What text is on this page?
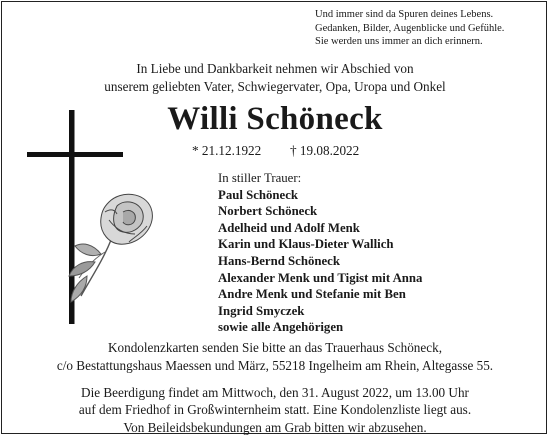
Und immer sind da Spuren deines Lebens.
Gedanken, Bilder, Augenblicke und Gefühle.
Sie werden uns immer an dich erinnern.
In Liebe und Dankbarkeit nehmen wir Abschied von
unserem geliebten Vater, Schwiegervater, Opa, Uropa und Onkel
Willi Schöneck
* 21.12.1922 † 19.08.2022
In stiller Trauer:
Paul Schöneck
Norbert Schöneck
Adelheid und Adolf Menk
Karin und Klaus-Dieter Wallich
Hans-Bernd Schöneck
Alexander Menk und Tigist mit Anna
Andre Menk und Stefanie mit Ben
Ingrid Smyczek
sowie alle Angehörigen
Kondolenzkarten senden Sie bitte an das Trauerhaus Schöneck,
c/o Bestattungshaus Maessen und März, 55218 Ingelheim am Rhein, Altegasse 55.
Die Beerdigung findet am Mittwoch, den 31. August 2022, um 13.00 Uhr
auf dem Friedhof in Großwinternheim statt. Eine Kondolenzliste liegt aus.
Von Beileidsbekundungen am Grab bitten wir abzusehen.
